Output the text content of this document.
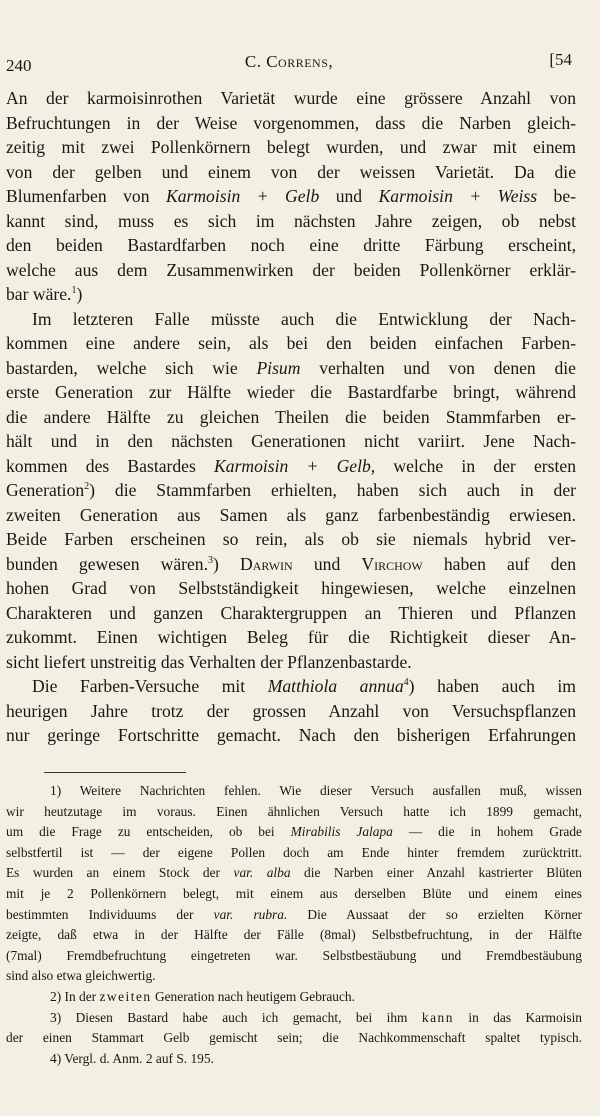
240	C. Correns,	[54
An der karmoisinrothen Varietät wurde eine grössere Anzahl von
Befruchtungen in der Weise vorgenommen, dass die Narben gleich-
zeitig mit zwei Pollenkörnern belegt wurden, und zwar mit einem
von der gelben und einem von der weissen Varietät. Da die
Blumenfarben von Karmoisin + Gelb und Karmoisin + Weiss be-
kannt sind, muss es sich im nächsten Jahre zeigen, ob nebst
den beiden Bastardfarben noch eine dritte Färbung erscheint,
welche aus dem Zusammenwirken der beiden Pollenkörner erklär-
bar wäre.$^1$)
Im letzteren Falle müsste auch die Entwicklung der Nach-
kommen eine andere sein, als bei den beiden einfachen Farben-
bastarden, welche sich wie Pisum verhalten und von denen die
erste Generation zur Hälfte wieder die Bastardfarbe bringt, während
die andere Hälfte zu gleichen Theilen die beiden Stammfarben er-
hält und in den nächsten Generationen nicht variirt. Jene Nach-
kommen des Bastardes Karmoisin + Gelb, welche in der ersten
Generation$^2$) die Stammfarben erhielten, haben sich auch in der
zweiten Generation aus Samen als ganz farbenbeständig erwiesen.
Beide Farben erscheinen so rein, als ob sie niemals hybrid ver-
bunden gewesen wären.$^3$) Darwin und Virchow haben auf den
hohen Grad von Selbstständigkeit hingewiesen, welche einzelnen
Charakteren und ganzen Charaktergruppen an Thieren und Pflanzen
zukommt. Einen wichtigen Beleg für die Richtigkeit dieser An-
sicht liefert unstreitig das Verhalten der Pflanzenbastarde.
Die Farben-Versuche mit Matthiola annua$^4$) haben auch im
heurigen Jahre trotz der grossen Anzahl von Versuchspflanzen
nur geringe Fortschritte gemacht. Nach den bisherigen Erfahrungen
1) Weitere Nachrichten fehlen. Wie dieser Versuch ausfallen muß, wissen
wir heutzutage im voraus. Einen ähnlichen Versuch hatte ich 1899 gemacht,
um die Frage zu entscheiden, ob bei Mirabilis Jalapa — die in hohem Grade
selbstfertil ist — der eigene Pollen doch am Ende hinter fremdem zurücktritt.
Es wurden an einem Stock der var. alba die Narben einer Anzahl kastrierter Blüten
mit je 2 Pollenkörnern belegt, mit einem aus derselben Blüte und einem eines
bestimmten Individuums der var. rubra. Die Aussaat der so erzielten Körner
zeigte, daß etwa in der Hälfte der Fälle (8mal) Selbstbefruchtung, in der Hälfte
(7mal) Fremdbefruchtung eingetreten war. Selbstbestäubung und Fremdbestäubung
sind also etwa gleichwertig.
2) In der zweiten Generation nach heutigem Gebrauch.
3) Diesen Bastard habe auch ich gemacht, bei ihm kann in das Karmoisin
der einen Stammart Gelb gemischt sein; die Nachkommenschaft spaltet typisch.
4) Vergl. d. Anm. 2 auf S. 195.
